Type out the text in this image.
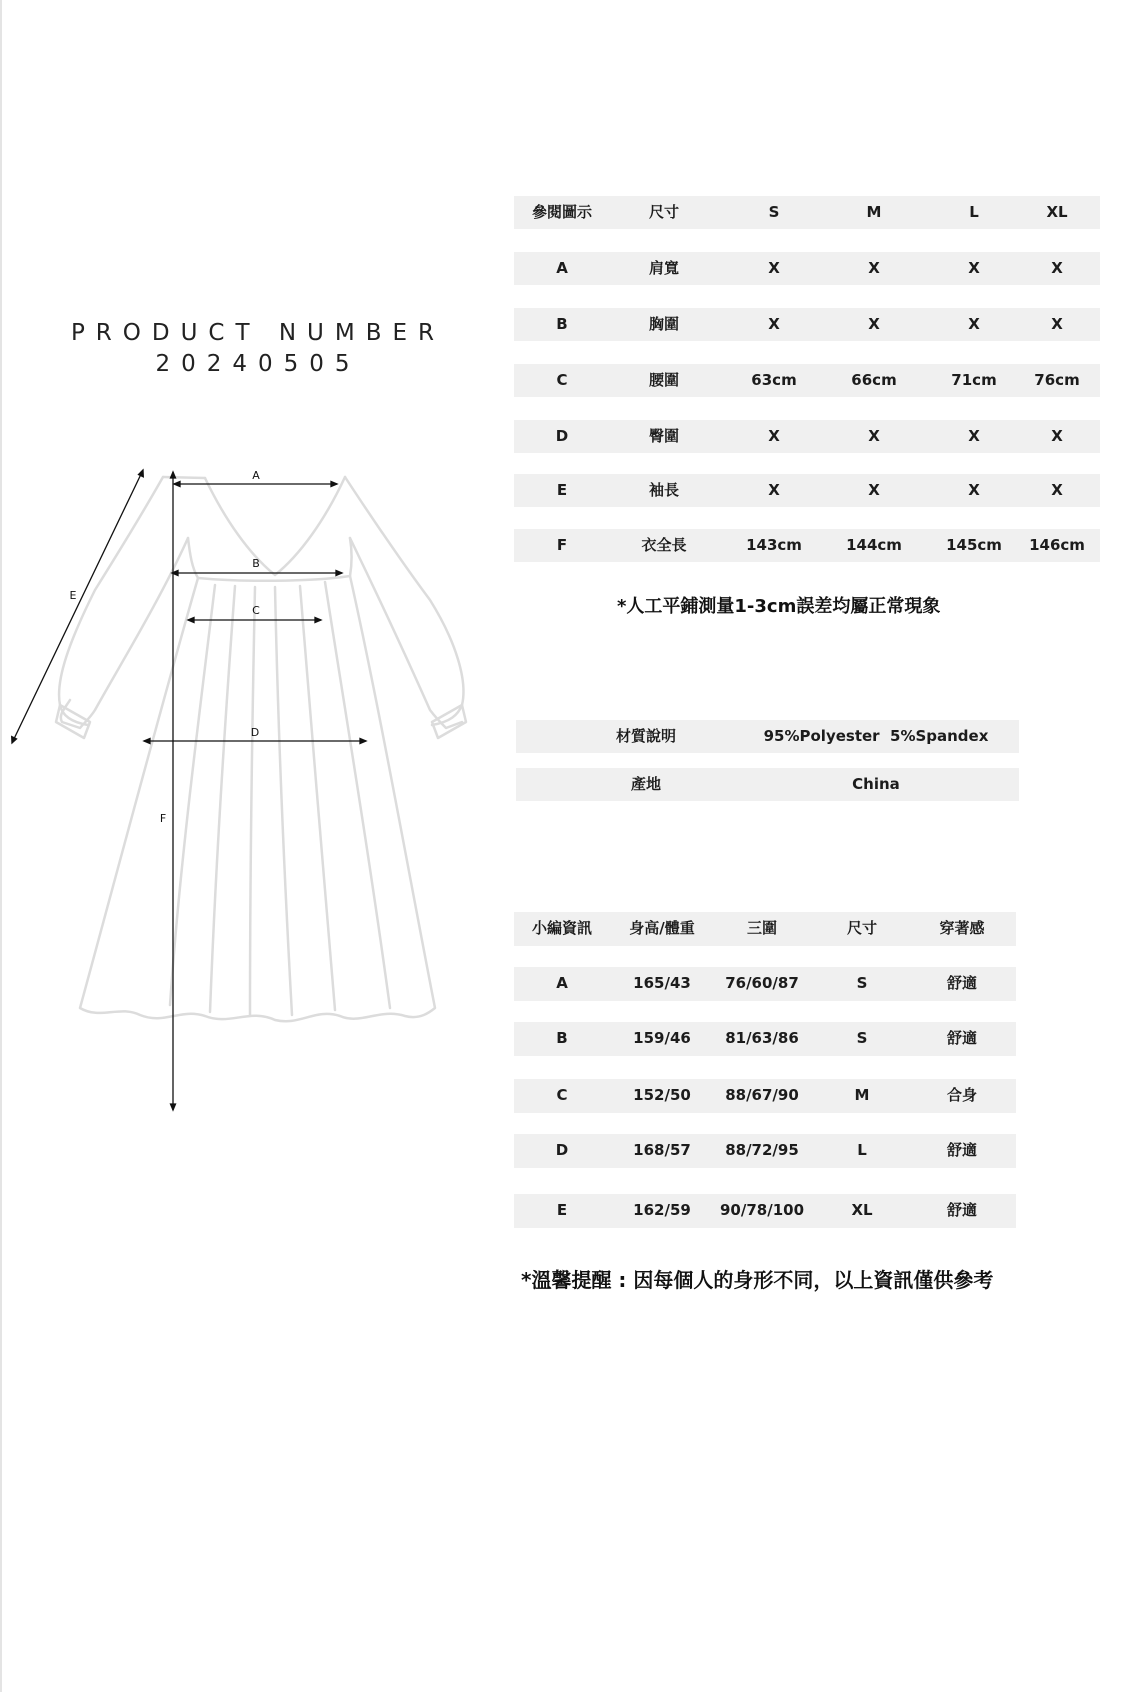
PRODUCT NUMBER
20240505
A
B
C
D
E
F
參閱圖示	尺寸	S	M	L	XL
A	肩寬	X	X	X	X
B	胸圍	X	X	X	X
C	腰圍	63cm	66cm	71cm	76cm
D	臀圍	X	X	X	X
E	袖長	X	X	X	X
F	衣全長	143cm	144cm	145cm	146cm
*人工平鋪測量1-3cm誤差均屬正常現象
材質說明	95%Polyester  5%Spandex
產地	China
小編資訊	身高/體重	三圍	尺寸	穿著感
A	165/43	76/60/87	S	舒適
B	159/46	81/63/86	S	舒適
C	152/50	88/67/90	M	合身
D	168/57	88/72/95	L	舒適
E	162/59	90/78/100	XL	舒適
*溫馨提醒 : 因每個人的身形不同，以上資訊僅供參考
